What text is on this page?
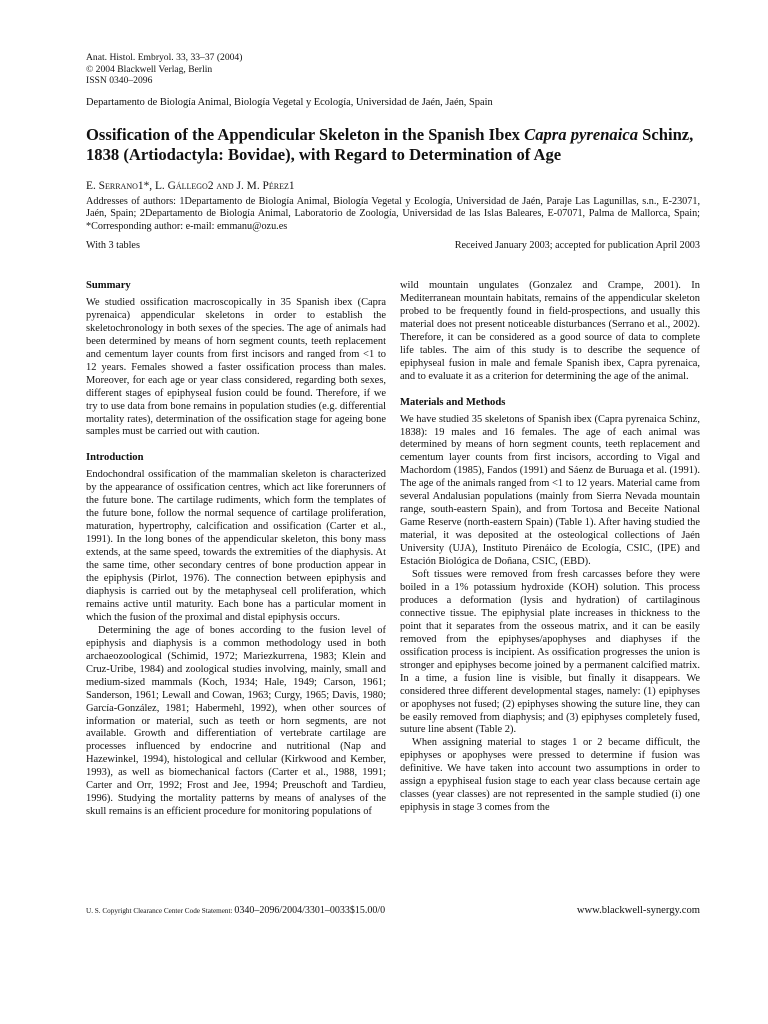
Anat. Histol. Embryol. 33, 33–37 (2004)
© 2004 Blackwell Verlag, Berlin
ISSN 0340–2096
Departamento de Biología Animal, Biología Vegetal y Ecología, Universidad de Jaén, Jaén, Spain
Ossification of the Appendicular Skeleton in the Spanish Ibex Capra pyrenaica Schinz, 1838 (Artiodactyla: Bovidae), with Regard to Determination of Age
E. Serrano1*, L. Gállego2 and J. M. Pérez1
Addresses of authors: 1Departamento de Biología Animal, Biología Vegetal y Ecología, Universidad de Jaén, Paraje Las Lagunillas, s.n., E-23071, Jaén, Spain; 2Departamento de Biología Animal, Laboratorio de Zoología, Universidad de las Islas Baleares, E-07071, Palma de Mallorca, Spain; *Corresponding author: e-mail: emmanu@ozu.es
With 3 tables	Received January 2003; accepted for publication April 2003
Summary

We studied ossification macroscopically in 35 Spanish ibex (Capra pyrenaica) appendicular skeletons in order to establish the skeletochronology in both sexes of the species. The age of animals had been determined by means of horn segment counts, teeth replacement and cementum layer counts from first incisors and ranged from <1 to 12 years. Females showed a faster ossification process than males. Moreover, for each age or year class considered, regarding both sexes, different stages of epiphyseal fusion could be found. Therefore, if we try to use data from bone remains in population studies (e.g. differential mortality rates), determination of the ossification stage for ageing bone samples must be carried out with caution.

Introduction

Endochondral ossification of the mammalian skeleton is characterized by the appearance of ossification centres, which act like forerunners of the future bone. The cartilage rudiments, which form the templates of the future bone, follow the normal sequence of cartilage proliferation, maturation, hypertrophy, calcification and ossification (Carter et al., 1991). In the long bones of the appendicular skeleton, this bony mass extends, at the same speed, towards the extremities of the diaphysis. At the same time, other secondary centres of bone production appear in the epiphysis (Pirlot, 1976). The connection between epiphysis and diaphysis is carried out by the metaphyseal cell proliferation, which remains active until maturity. Each bone has a particular moment in which the fusion of the proximal and distal epiphysis occurs.

Determining the age of bones according to the fusion level of epiphysis and diaphysis is a common methodology used in both archaeozoological (Schimid, 1972; Mariezkurrena, 1983; Klein and Cruz-Uribe, 1984) and zoological studies involving, mainly, small and medium-sized mammals (Koch, 1934; Hale, 1949; Carson, 1961; Sanderson, 1961; Lewall and Cowan, 1963; Curgy, 1965; Davis, 1980; García-González, 1981; Habermehl, 1992), when other sources of information or material, such as teeth or horn segments, are not available. Growth and differentiation of vertebrate cartilage are processes influenced by endocrine and nutritional (Nap and Hazewinkel, 1994), histological and cellular (Kirkwood and Kember, 1993), as well as biomechanical factors (Carter et al., 1988, 1991; Carter and Orr, 1992; Frost and Jee, 1994; Preuschoft and Tardieu, 1996). Studying the mortality patterns by means of analyses of the skull remains is an efficient procedure for monitoring populations of

wild mountain ungulates (Gonzalez and Crampe, 2001). In Mediterranean mountain habitats, remains of the appendicular skeleton probed to be frequently found in field-prospections, and usually this material does not present noticeable disturbances (Serrano et al., 2002). Therefore, it can be considered as a good source of data to complete life tables. The aim of this study is to describe the sequence of epiphyseal fusion in male and female Spanish ibex, Capra pyrenaica, and to evaluate it as a criterion for determining the age of the animal.

Materials and Methods

We have studied 35 skeletons of Spanish ibex (Capra pyrenaica Schinz, 1838): 19 males and 16 females. The age of each animal was determined by means of horn segment counts, teeth replacement and cementum layer counts from first incisors, according to Vigal and Machordom (1985), Fandos (1991) and Sáenz de Buruaga et al. (1991). The age of the animals ranged from <1 to 12 years. Material came from several Andalusian populations (mainly from Sierra Nevada mountain range, south-eastern Spain), and from Tortosa and Beceite National Game Reserve (north-eastern Spain) (Table 1). After having studied the material, it was deposited at the osteological collections of Jaén University (UJA), Instituto Pirenáico de Ecología, CSIC, (IPE) and Estación Biológica de Doñana, CSIC, (EBD).

Soft tissues were removed from fresh carcasses before they were boiled in a 1% potassium hydroxide (KOH) solution. This process produces a deformation (lysis and hydration) of cartilaginous connective tissue. The epiphysial plate increases in thickness to the point that it separates from the osseous matrix, and it can be easily removed from the epiphyses/apophyses and diaphyses if the ossification process is incipient. As ossification progresses the union is stronger and epiphyses become joined by a permanent calcified matrix. In a time, a fusion line is visible, but finally it disappears. We considered three different developmental stages, namely: (1) epiphyses or apophyses not fused; (2) epiphyses showing the suture line, they can be easily removed from diaphysis; and (3) epiphyses completely fused, suture line absent (Table 2).

When assigning material to stages 1 or 2 became difficult, the epiphyses or apophyses were pressed to determine if fusion was definitive. We have taken into account two assumptions in order to assign a epyphiseal fusion stage to each year class because certain age classes (year classes) are not represented in the sample studied (i) one epiphysis in stage 3 comes from the

U. S. Copyright Clearance Center Code Statement: 0340–2096/2004/3301–0033$15.00/0	www.blackwell-synergy.com
